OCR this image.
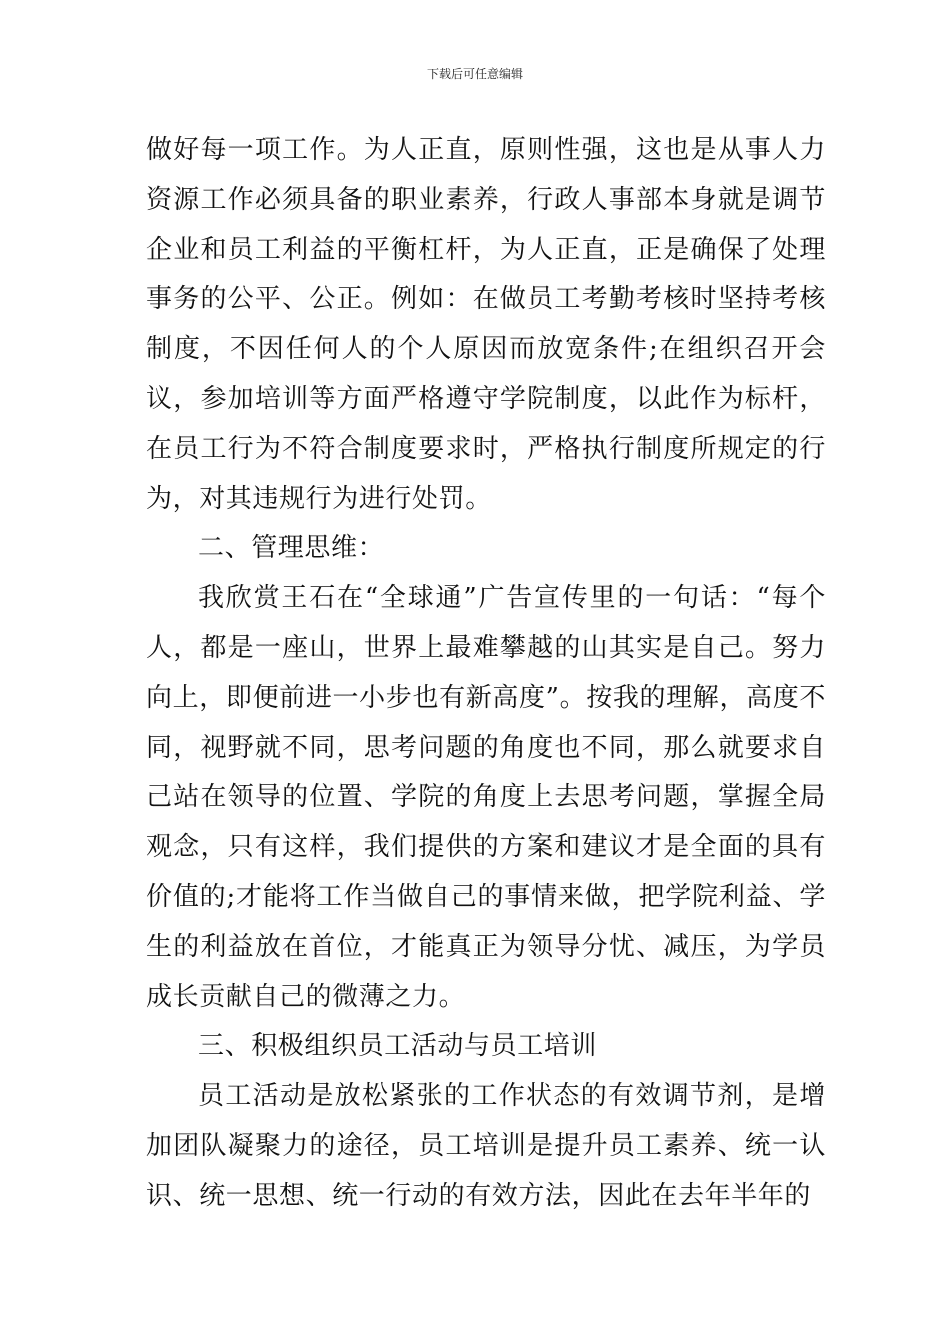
下载后可任意编辑

做好每一项工作。为人正直，原则性强，这也是从事人力资源工作必须具备的职业素养，行政人事部本身就是调节企业和员工利益的平衡杠杆，为人正直，正是确保了处理事务的公平、公正。例如：在做员工考勤考核时坚持考核制度，不因任何人的个人原因而放宽条件;在组织召开会议，参加培训等方面严格遵守学院制度，以此作为标杆，在员工行为不符合制度要求时，严格执行制度所规定的行为，对其违规行为进行处罚。

二、管理思维：

我欣赏王石在“全球通”广告宣传里的一句话：“每个人，都是一座山，世界上最难攀越的山其实是自己。努力向上，即便前进一小步也有新高度”。按我的理解，高度不同，视野就不同，思考问题的角度也不同，那么就要求自己站在领导的位置、学院的角度上去思考问题，掌握全局观念，只有这样，我们提供的方案和建议才是全面的具有价值的;才能将工作当做自己的事情来做，把学院利益、学生的利益放在首位，才能真正为领导分忧、减压，为学员成长贡献自己的微薄之力。

三、积极组织员工活动与员工培训

员工活动是放松紧张的工作状态的有效调节剂，是增加团队凝聚力的途径，员工培训是提升员工素养、统一认识、统一思想、统一行动的有效方法，因此在去年半年的
